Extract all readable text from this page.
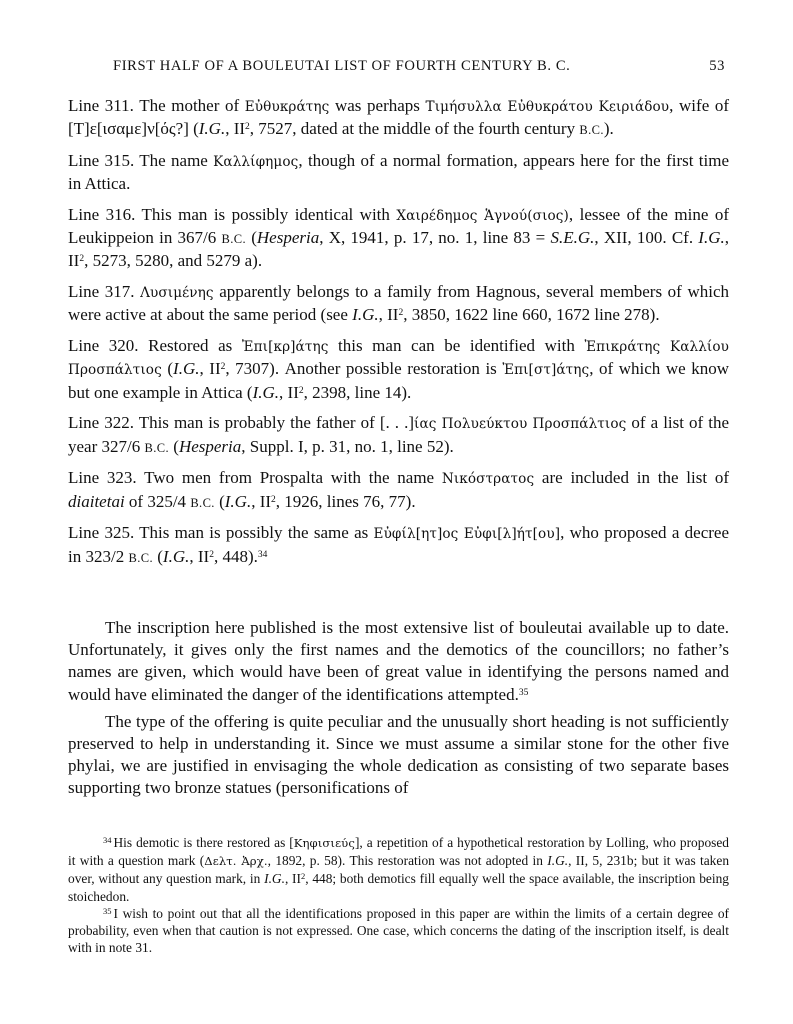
FIRST HALF OF A BOULEUTAI LIST OF FOURTH CENTURY B. C.	53

Line 311. The mother of Εὐθυκράτης was perhaps Τιμήσυλλα Εὐθυκράτου Κειριάδου, wife of [Τ]ε[ισαμε]ν[ός?] (I.G., $II^2$, 7527, dated at the middle of the fourth century B.C.).

Line 315. The name Καλλίφημος, though of a normal formation, appears here for the first time in Attica.

Line 316. This man is possibly identical with Χαιρέδημος Ἁγνού(σιος), lessee of the mine of Leukippeion in 367/6 B.C. (Hesperia, X, 1941, p. 17, no. 1, line 83 = S.E.G., XII, 100. Cf. I.G., $II^2$, 5273, 5280, and 5279 a).

Line 317. Λυσιμένης apparently belongs to a family from Hagnous, several members of which were active at about the same period (see I.G., $II^2$, 3850, 1622 line 660, 1672 line 278).

Line 320. Restored as Ἐπι[κρ]άτης this man can be identified with Ἐπικράτης Καλλίου Προσπάλτιος (I.G., $II^2$, 7307). Another possible restoration is Ἐπι[στ]άτης, of which we know but one example in Attica (I.G., $II^2$, 2398, line 14).

Line 322. This man is probably the father of [. . .]ίας Πολυεύκτου Προσπάλτιος of a list of the year 327/6 B.C. (Hesperia, Suppl. I, p. 31, no. 1, line 52).

Line 323. Two men from Prospalta with the name Νικόστρατος are included in the list of diaitetai of 325/4 B.C. (I.G., $II^2$, 1926, lines 76, 77).

Line 325. This man is possibly the same as Εὐφίλ[ητ]ος Εὐφι[λ]ήτ[ου], who proposed a decree in 323/2 B.C. (I.G., $II^2$, 448).$^{34}$

The inscription here published is the most extensive list of bouleutai available up to date. Unfortunately, it gives only the first names and the demotics of the councillors; no father’s names are given, which would have been of great value in identifying the persons named and would have eliminated the danger of the identifications attempted.$^{35}$

The type of the offering is quite peculiar and the unusually short heading is not sufficiently preserved to help in understanding it. Since we must assume a similar stone for the other five phylai, we are justified in envisaging the whole dedication as consisting of two separate bases supporting two bronze statues (personifications of

$^{34}$ His demotic is there restored as [Κηφισιεύς], a repetition of a hypothetical restoration by Lolling, who proposed it with a question mark (Δελτ. Ἀρχ., 1892, p. 58). This restoration was not adopted in I.G., II, 5, 231b; but it was taken over, without any question mark, in I.G., $II^2$, 448; both demotics fill equally well the space available, the inscription being stoichedon.

$^{35}$ I wish to point out that all the identifications proposed in this paper are within the limits of a certain degree of probability, even when that caution is not expressed. One case, which concerns the dating of the inscription itself, is dealt with in note 31.
